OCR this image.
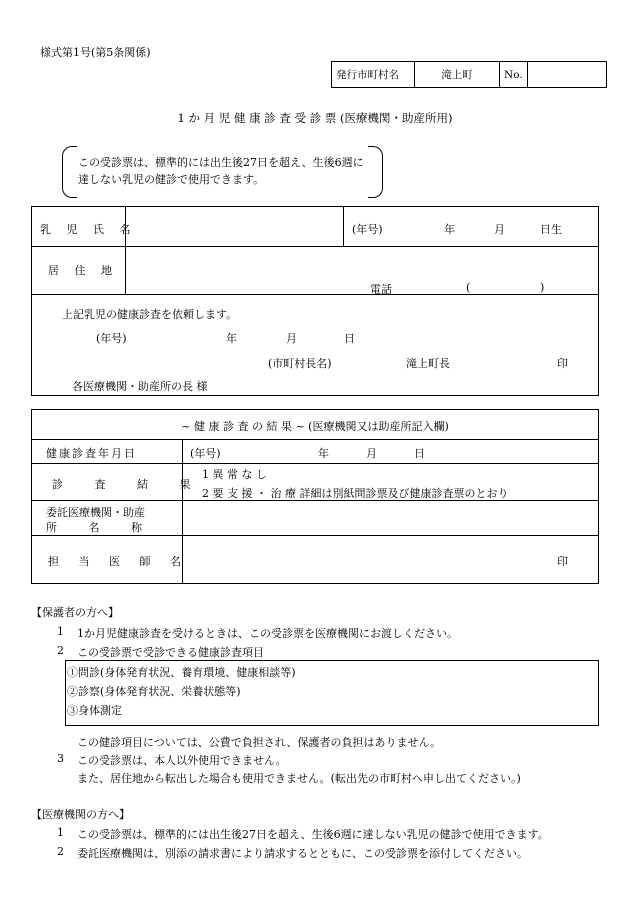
様式第1号(第5条関係)
発行市町村名	滝上町	No.	
1 か 月 児 健 康 診 査 受 診 票 (医療機関・助産所用)
この受診票は、標準的には出生後27日を超え、生後6週に
達しない乳児の健診で使用できます。
乳 児 氏 名	(年号)	年	月	日生
居 住 地
電話	(	)
上記乳児の健康診査を依頼します。
(年号)	年	月	日
(市町村長名)	滝上町長	印
各医療機関・助産所の長 様
~ 健 康 診 査 の 結 果 ~ (医療機関又は助産所記入欄)
健康診査年月日	(年号)	年	月	日
診 査 結 果
1 異 常 な し
2 要 支 援 ・ 治 療 詳細は別紙問診票及び健康診査票のとおり
委託医療機関・助産
所 名 称
担 当 医 師 名	印
【保護者の方へ】
1 1か月児健康診査を受けるときは、この受診票を医療機関にお渡しください。
2 この受診票で受診できる健康診査項目
①問診(身体発育状況、養育環境、健康相談等)
②診察(身体発育状況、栄養状態等)
③身体測定
この健診項目については、公費で負担され、保護者の負担はありません。
3 この受診票は、本人以外使用できません。
また、居住地から転出した場合も使用できません。(転出先の市町村へ申し出てください。)
【医療機関の方へ】
1 この受診票は、標準的には出生後27日を超え、生後6週に達しない乳児の健診で使用できます。
2 委託医療機関は、別添の請求書により請求するとともに、この受診票を添付してください。
